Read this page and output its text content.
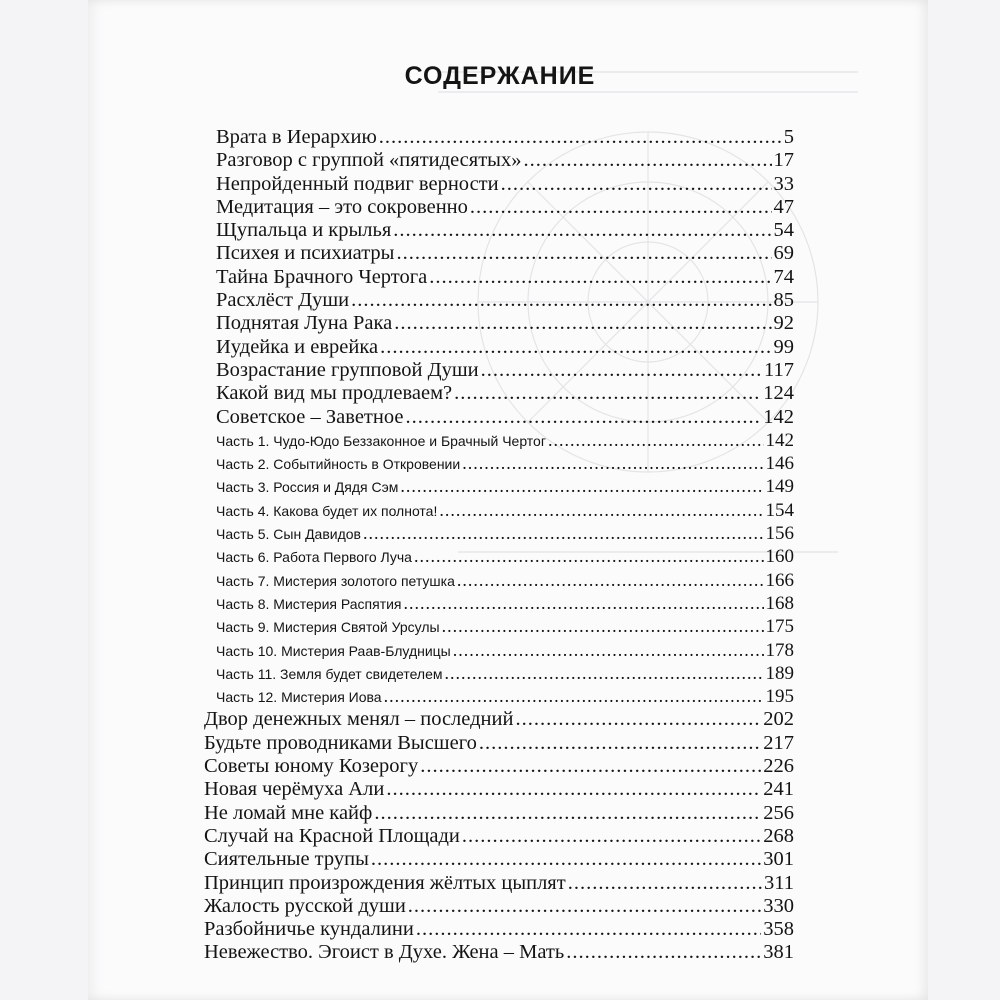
СОДЕРЖАНИЕ
Врата в Иерархию .....	5
Разговор с группой «пятидесятых» .....	17
Непройденный подвиг верности .....	33
Медитация – это сокровенно .....	47
Щупальца и крылья .....	54
Психея и психиатры .....	69
Тайна Брачного Чертога .....	74
Расхлёст Души .....	85
Поднятая Луна Рака .....	92
Иудейка и еврейка .....	99
Возрастание групповой Души .....	117
Какой вид мы продлеваем? .....	124
Советское – Заветное .....	142
Часть 1. Чудо-Юдо Беззаконное и Брачный Чертог .....	142
Часть 2. Событийность в Откровении .....	146
Часть 3. Россия и Дядя Сэм .....	149
Часть 4. Какова будет их полнота! .....	154
Часть 5. Сын Давидов .....	156
Часть 6. Работа Первого Луча .....	160
Часть 7. Мистерия золотого петушка .....	166
Часть 8. Мистерия Распятия .....	168
Часть 9. Мистерия Святой Урсулы .....	175
Часть 10. Мистерия Раав-Блудницы .....	178
Часть 11. Земля будет свидетелем .....	189
Часть 12. Мистерия Иова .....	195
Двор денежных менял – последний .....	202
Будьте проводниками Высшего .....	217
Советы юному Козерогу .....	226
Новая черёмуха Али .....	241
Не ломай мне кайф .....	256
Случай на Красной Площади .....	268
Сиятельные трупы .....	301
Принцип произрождения жёлтых цыплят .....	311
Жалость русской души .....	330
Разбойничье кундалини .....	358
Невежество. Эгоист в Духе. Жена – Мать .....	381
